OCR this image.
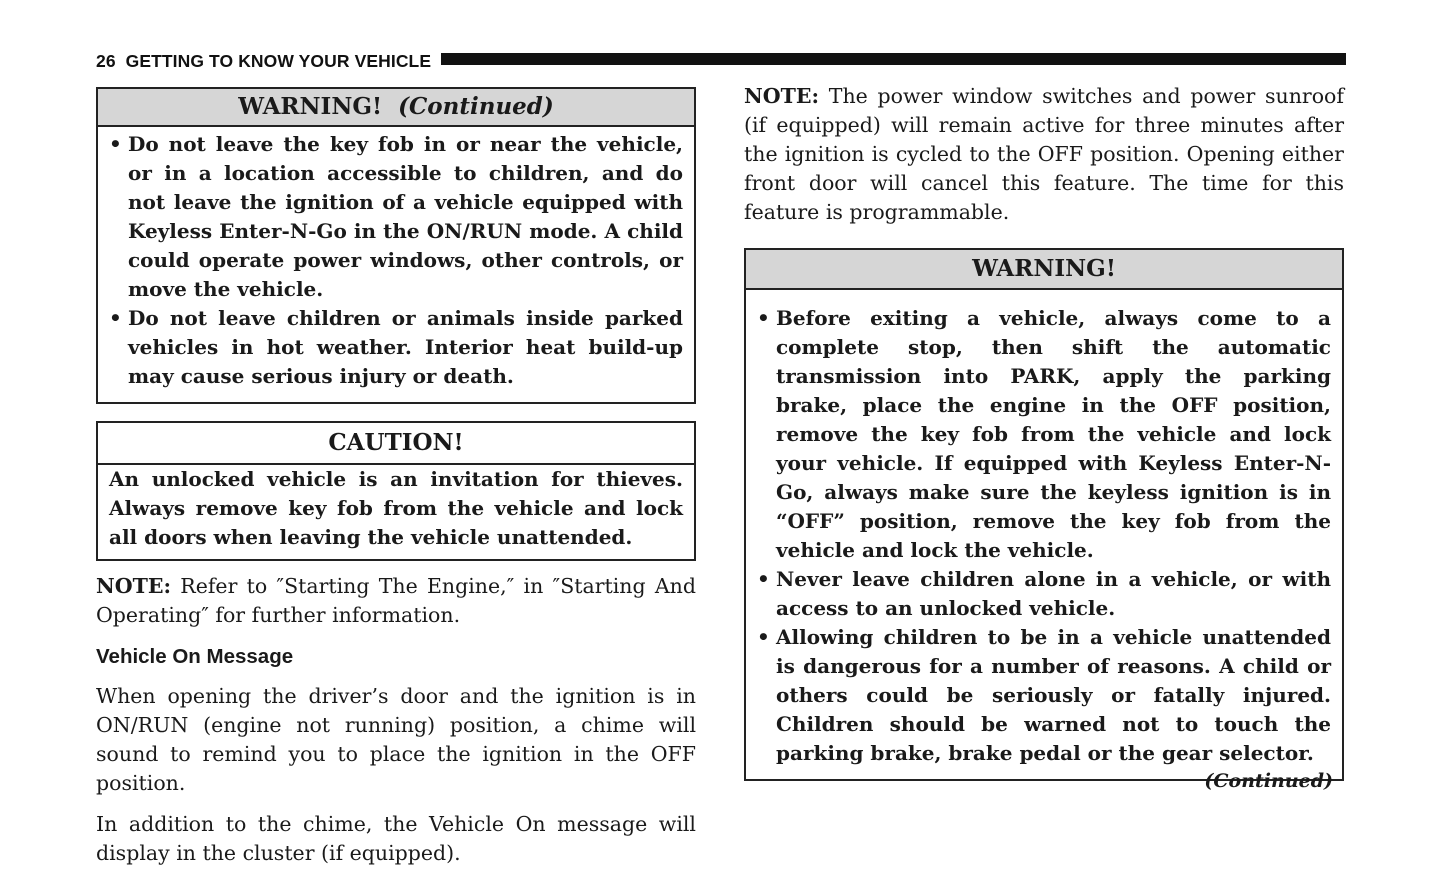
26 GETTING TO KNOW YOUR VEHICLE
WARNING! (Continued)
• Do not leave the key fob in or near the vehicle, or in a location accessible to children, and do not leave the ignition of a vehicle equipped with Keyless Enter-N-Go in the ON/RUN mode. A child could operate power windows, other controls, or move the vehicle.
• Do not leave children or animals inside parked vehicles in hot weather. Interior heat build-up may cause serious injury or death.
CAUTION!
An unlocked vehicle is an invitation for thieves. Always remove key fob from the vehicle and lock all doors when leaving the vehicle unattended.

NOTE: Refer to ″Starting The Engine,″ in ″Starting And Operating″ for further information.

Vehicle On Message

When opening the driver’s door and the ignition is in ON/RUN (engine not running) position, a chime will sound to remind you to place the ignition in the OFF position.

In addition to the chime, the Vehicle On message will display in the cluster (if equipped).

NOTE: The power window switches and power sunroof (if equipped) will remain active for three minutes after the ignition is cycled to the OFF position. Opening either front door will cancel this feature. The time for this feature is programmable.

WARNING!
• Before exiting a vehicle, always come to a complete stop, then shift the automatic transmission into PARK, apply the parking brake, place the engine in the OFF position, remove the key fob from the vehicle and lock your vehicle. If equipped with Keyless Enter-N-Go, always make sure the keyless ignition is in “OFF” position, remove the key fob from the vehicle and lock the vehicle.
• Never leave children alone in a vehicle, or with access to an unlocked vehicle.
• Allowing children to be in a vehicle unattended is dangerous for a number of reasons. A child or others could be seriously or fatally injured. Children should be warned not to touch the parking brake, brake pedal or the gear selector.
(Continued)
